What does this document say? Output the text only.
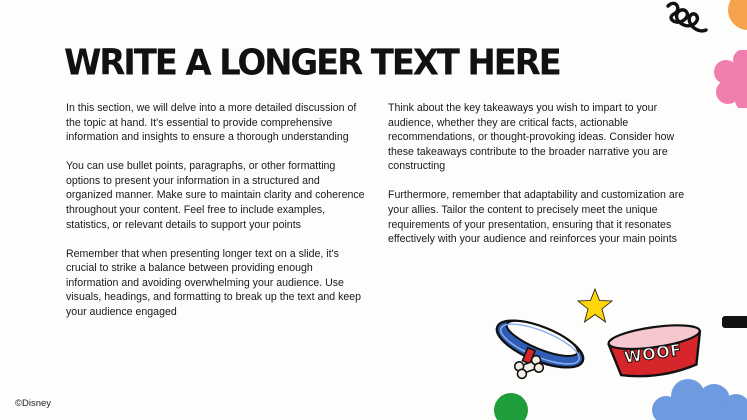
WRITE A LONGER TEXT HERE

In this section, we will delve into a more detailed discussion of the topic at hand. It's essential to provide comprehensive information and insights to ensure a thorough understanding

You can use bullet points, paragraphs, or other formatting options to present your information in a structured and organized manner. Make sure to maintain clarity and coherence throughout your content. Feel free to include examples, statistics, or relevant details to support your points

Remember that when presenting longer text on a slide, it's crucial to strike a balance between providing enough information and avoiding overwhelming your audience. Use visuals, headings, and formatting to break up the text and keep your audience engaged

Think about the key takeaways you wish to impart to your audience, whether they are critical facts, actionable recommendations, or thought-provoking ideas. Consider how these takeaways contribute to the broader narrative you are constructing

Furthermore, remember that adaptability and customization are your allies. Tailor the content to precisely meet the unique requirements of your presentation, ensuring that it resonates effectively with your audience and reinforces your main points

WOOF
©Disney
